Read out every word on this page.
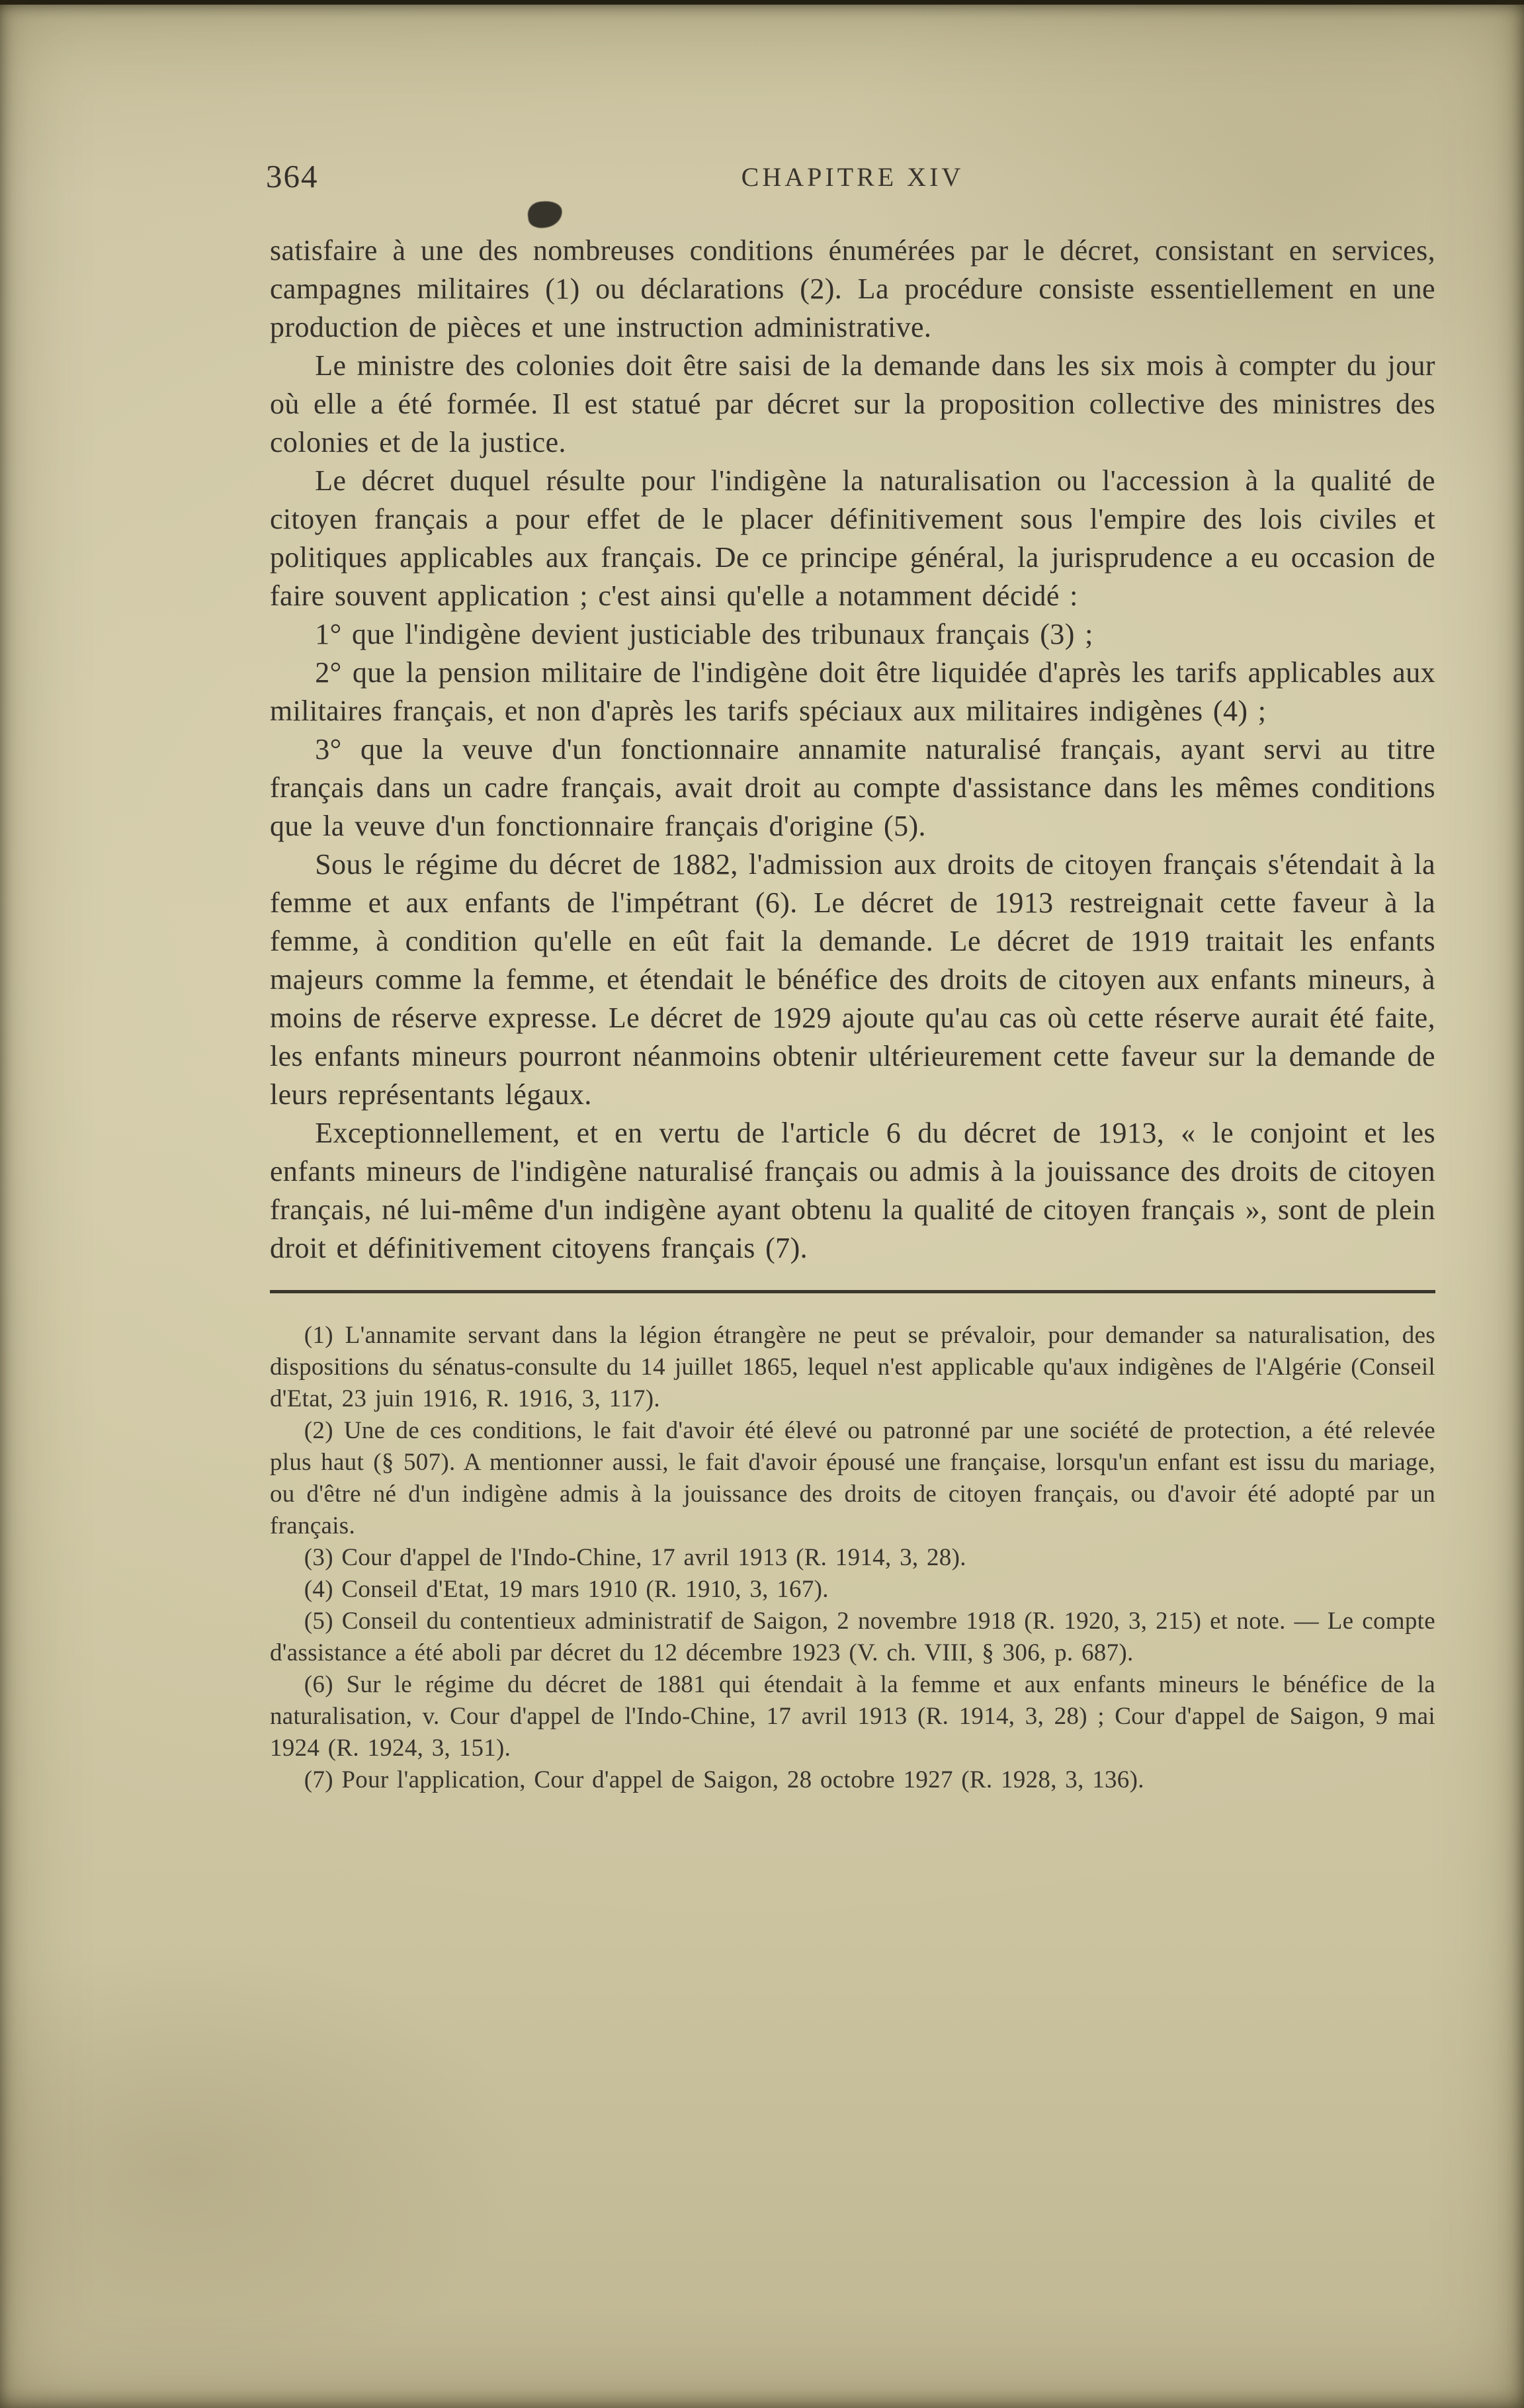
364	CHAPITRE XIV

satisfaire à une des nombreuses conditions énumérées par le décret, consistant en services, campagnes militaires (1) ou déclarations (2). La procédure consiste essentiellement en une production de pièces et une instruction administrative.

Le ministre des colonies doit être saisi de la demande dans les six mois à compter du jour où elle a été formée. Il est statué par décret sur la proposition collective des ministres des colonies et de la justice.

Le décret duquel résulte pour l'indigène la naturalisation ou l'accession à la qualité de citoyen français a pour effet de le placer définitivement sous l'empire des lois civiles et politiques applicables aux français. De ce principe général, la jurisprudence a eu occasion de faire souvent application ; c'est ainsi qu'elle a notamment décidé :

1° que l'indigène devient justiciable des tribunaux français (3) ;

2° que la pension militaire de l'indigène doit être liquidée d'après les tarifs applicables aux militaires français, et non d'après les tarifs spéciaux aux militaires indigènes (4) ;

3° que la veuve d'un fonctionnaire annamite naturalisé français, ayant servi au titre français dans un cadre français, avait droit au compte d'assistance dans les mêmes conditions que la veuve d'un fonctionnaire français d'origine (5).

Sous le régime du décret de 1882, l'admission aux droits de citoyen français s'étendait à la femme et aux enfants de l'impétrant (6). Le décret de 1913 restreignait cette faveur à la femme, à condition qu'elle en eût fait la demande. Le décret de 1919 traitait les enfants majeurs comme la femme, et étendait le bénéfice des droits de citoyen aux enfants mineurs, à moins de réserve expresse. Le décret de 1929 ajoute qu'au cas où cette réserve aurait été faite, les enfants mineurs pourront néanmoins obtenir ultérieurement cette faveur sur la demande de leurs représentants légaux.

Exceptionnellement, et en vertu de l'article 6 du décret de 1913, « le conjoint et les enfants mineurs de l'indigène naturalisé français ou admis à la jouissance des droits de citoyen français, né lui-même d'un indigène ayant obtenu la qualité de citoyen français », sont de plein droit et définitivement citoyens français (7).

(1) L'annamite servant dans la légion étrangère ne peut se prévaloir, pour demander sa naturalisation, des dispositions du sénatus-consulte du 14 juillet 1865, lequel n'est applicable qu'aux indigènes de l'Algérie (Conseil d'Etat, 23 juin 1916, R. 1916, 3, 117).

(2) Une de ces conditions, le fait d'avoir été élevé ou patronné par une société de protection, a été relevée plus haut (§ 507). A mentionner aussi, le fait d'avoir épousé une française, lorsqu'un enfant est issu du mariage, ou d'être né d'un indigène admis à la jouissance des droits de citoyen français, ou d'avoir été adopté par un français.

(3) Cour d'appel de l'Indo-Chine, 17 avril 1913 (R. 1914, 3, 28).

(4) Conseil d'Etat, 19 mars 1910 (R. 1910, 3, 167).

(5) Conseil du contentieux administratif de Saigon, 2 novembre 1918 (R. 1920, 3, 215) et note. — Le compte d'assistance a été aboli par décret du 12 décembre 1923 (V. ch. VIII, § 306, p. 687).

(6) Sur le régime du décret de 1881 qui étendait à la femme et aux enfants mineurs le bénéfice de la naturalisation, v. Cour d'appel de l'Indo-Chine, 17 avril 1913 (R. 1914, 3, 28) ; Cour d'appel de Saigon, 9 mai 1924 (R. 1924, 3, 151).

(7) Pour l'application, Cour d'appel de Saigon, 28 octobre 1927 (R. 1928, 3, 136).
